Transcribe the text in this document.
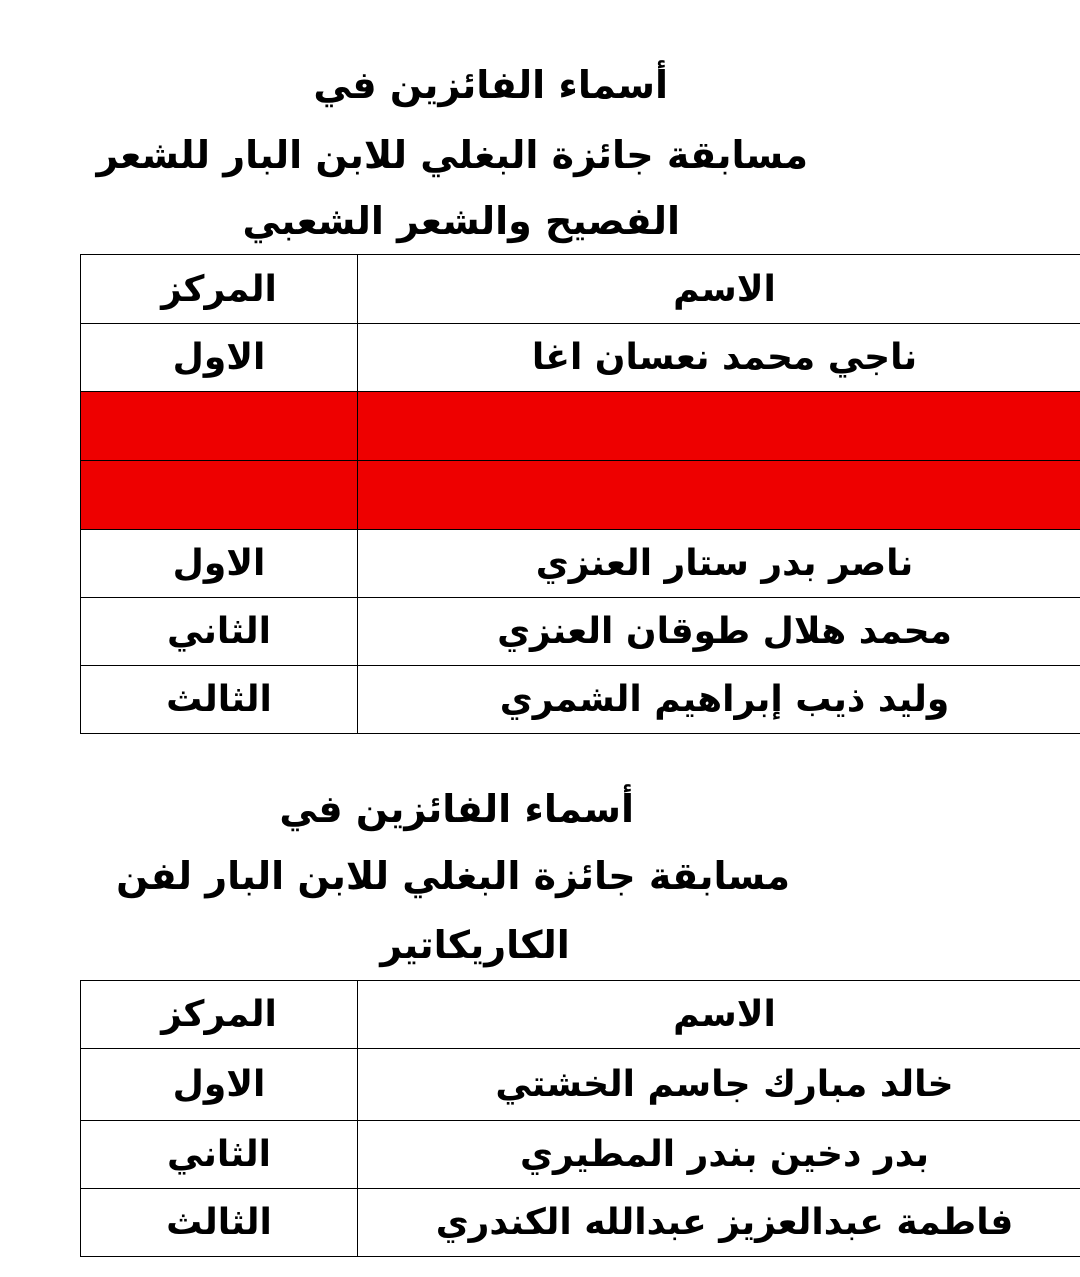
أسماء الفائزين في
مسابقة جائزة البغلي للابن البار للشعر
الفصيح والشعر الشعبي
المركز	الاسم
الاول	ناجي محمد نعسان اغا

الاول	ناصر بدر ستار العنزي
الثاني	محمد هلال طوقان العنزي
الثالث	وليد ذيب إبراهيم الشمري
أسماء الفائزين في
مسابقة جائزة البغلي للابن البار لفن
الكاريكاتير
المركز	الاسم
الاول	خالد مبارك جاسم الخشتي
الثاني	بدر دخين بندر المطيري
الثالث	فاطمة عبدالعزيز عبدالله الكندري
